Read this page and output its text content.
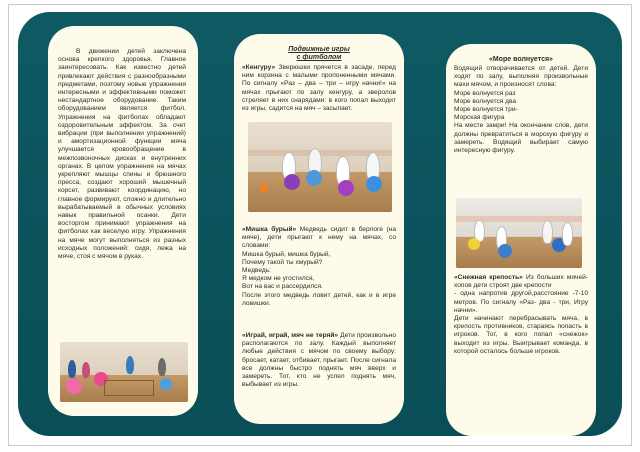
В движении детей заключена основа крепкого здоровья. Главное заинтересовать. Как известно детей привлекают действия с разнообразными предметами, поэтому новые упражнения интересными и эффективными поможет нестандартное оборудование. Таким оборудованием является фитбол. Упражнения на фитболах обладают оздоровительным эффектом. За счет вибрации (при выполнении упражнений) и амортизационной функции мяча улучшается кровообращение в межпозвоночных дисках и внутренних органах. В целом упражнения на мячах укрепляют мышцы спины и брюшного пресса, создают хороший мышечный корсет, развивают координацию, но главное формируют, сложно и длительно вырабатываемый в обычных условиях навык правильной осанки. Дети восторгом принимают упражнения на фитболах как веселую игру. Упражнения на мяче могут выполняться из разных исходных положений: сидя, лежа на мяче, стоя с мячом в руках.
Подвижные игры
с фитболом
«Кенгуру» Зверюшки прячется в засаде, перед ним корзина с малыми пропоненными мячами. По сигналу «Раз – два – три – игру начни!» на мячах прыгают по залу кенгуру, а зверолов стреляет в них снарядами: в кого попал выходит из игры, садится на мяч – засыпает.
«Мишка бурый» Медведь сидит в берлоге (на мяче), дети прыгают к нему на мячах, со словами:
Мишка бурый, мишка бурый,
Почему такой ты хмурый?
Медведь:
Я медком не угостился,
Вот на вас и рассердился.
После этого медведь ловит детей, как и в игре ловишки.
«Играй, играй, мяч не теряй» Дети произвольно располагаются по залу. Каждый выполняет любые действия с мячом по своему выбору: бросает, катает, отбивает, прыгает. После сигнала все должны быстро поднять мяч вверх и замереть. Тот, кто не успел поднять мяч, выбывает из игры.
«Море волнуется»
Водящий отворачивается от детей. Дети ходят по залу, выполняя произвольные махи мячом, и произносят слова:
Море волнуется раз
Море волнуется два
Море волнуется три-
Морская фигура
На месте замри! На окончание слов, дети должны превратиться в морскую фигуру и замереть. Водящий выбирает самую интересную фигуру.
«Снежная крепость» Из больших мячей-хопов дети строят две крепости
- одна напротив другой,расстояние -7-10 метров. По сигналу «Раз- два - три, Игру начни».
Дети начинают перебрасывать мяча, в крепость противников, стараясь попасть в игроков. Тот, в кого попал «снежок» выходит из игры. Выигрывает команда, в которой осталось больше игроков.
